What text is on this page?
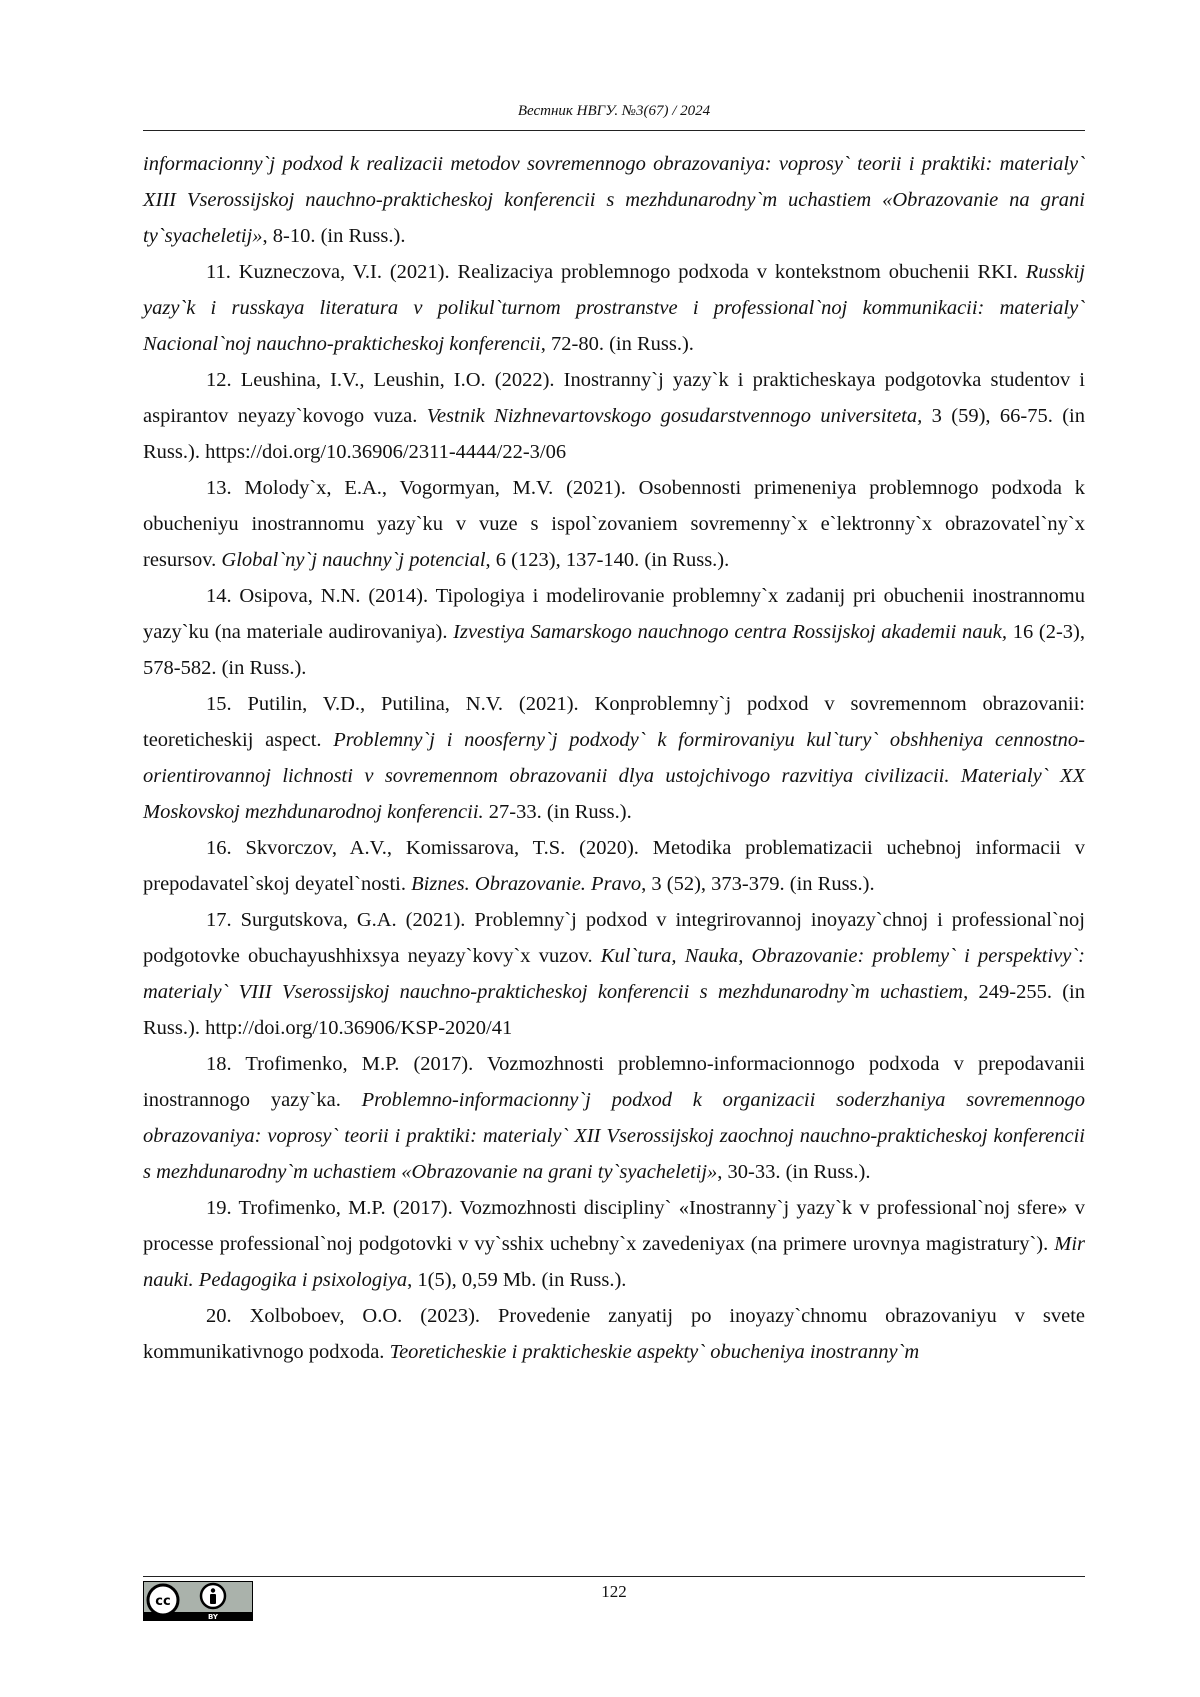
Вестник НВГУ. №3(67) / 2024

informacionny`j podxod k realizacii metodov sovremennogo obrazovaniya: voprosy` teorii i praktiki: materialy` XIII Vserossijskoj nauchno-prakticheskoj konferencii s mezhdunarodny`m uchastiem «Obrazovanie na grani ty`syacheletij», 8-10. (in Russ.).

11. Kuzneczova, V.I. (2021). Realizaciya problemnogo podxoda v kontekstnom obuchenii RKI. Russkij yazy`k i russkaya literatura v polikul`turnom prostranstve i professional`noj kommunikacii: materialy` Nacional`noj nauchno-prakticheskoj konferencii, 72-80. (in Russ.).

12. Leushina, I.V., Leushin, I.O. (2022). Inostranny`j yazy`k i prakticheskaya podgotovka studentov i aspirantov neyazy`kovogo vuza. Vestnik Nizhnevartovskogo gosudarstvennogo universiteta, 3 (59), 66-75. (in Russ.). https://doi.org/10.36906/2311-4444/22-3/06

13. Molody`x, E.A., Vogormyan, M.V. (2021). Osobennosti primeneniya problemnogo podxoda k obucheniyu inostrannomu yazy`ku v vuze s ispol`zovaniem sovremenny`x e`lektronny`x obrazovatel`ny`x resursov. Global`ny`j nauchny`j potencial, 6 (123), 137-140. (in Russ.).

14. Osipova, N.N. (2014). Tipologiya i modelirovanie problemny`x zadanij pri obuchenii inostrannomu yazy`ku (na materiale audirovaniya). Izvestiya Samarskogo nauchnogo centra Rossijskoj akademii nauk, 16 (2-3), 578-582. (in Russ.).

15. Putilin, V.D., Putilina, N.V. (2021). Konproblemny`j podxod v sovremennom obrazovanii: teoreticheskij aspect. Problemny`j i noosferny`j podxody` k formirovaniyu kul`tury` obshheniya cennostno-orientirovannoj lichnosti v sovremennom obrazovanii dlya ustojchivogo razvitiya civilizacii. Materialy` XX Moskovskoj mezhdunarodnoj konferencii. 27-33. (in Russ.).

16. Skvorczov, A.V., Komissarova, T.S. (2020). Metodika problematizacii uchebnoj informacii v prepodavatel`skoj deyatel`nosti. Biznes. Obrazovanie. Pravo, 3 (52), 373-379. (in Russ.).

17. Surgutskova, G.A. (2021). Problemny`j podxod v integrirovannoj inoyazy`chnoj i professional`noj podgotovke obuchayushhixsya neyazy`kovy`x vuzov. Kul`tura, Nauka, Obrazovanie: problemy` i perspektivy`: materialy` VIII Vserossijskoj nauchno-prakticheskoj konferencii s mezhdunarodny`m uchastiem, 249-255. (in Russ.). http://doi.org/10.36906/KSP-2020/41

18. Trofimenko, M.P. (2017). Vozmozhnosti problemno-informacionnogo podxoda v prepodavanii inostrannogo yazy`ka. Problemno-informacionny`j podxod k organizacii soderzhaniya sovremennogo obrazovaniya: voprosy` teorii i praktiki: materialy` XII Vserossijskoj zaochnoj nauchno-prakticheskoj konferencii s mezhdunarodny`m uchastiem «Obrazovanie na grani ty`syacheletij», 30-33. (in Russ.).

19. Trofimenko, M.P. (2017). Vozmozhnosti discipliny` «Inostranny`j yazy`k v professional`noj sfere» v processe professional`noj podgotovki v vy`sshix uchebny`x zavedeniyax (na primere urovnya magistratury`). Mir nauki. Pedagogika i psixologiya, 1(5), 0,59 Mb. (in Russ.).

20. Xolboboev, O.O. (2023). Provedenie zanyatij po inoyazy`chnomu obrazovaniyu v svete kommunikativnogo podxoda. Teoreticheskie i prakticheskie aspekty` obucheniya inostranny`m

cc
BY
122
